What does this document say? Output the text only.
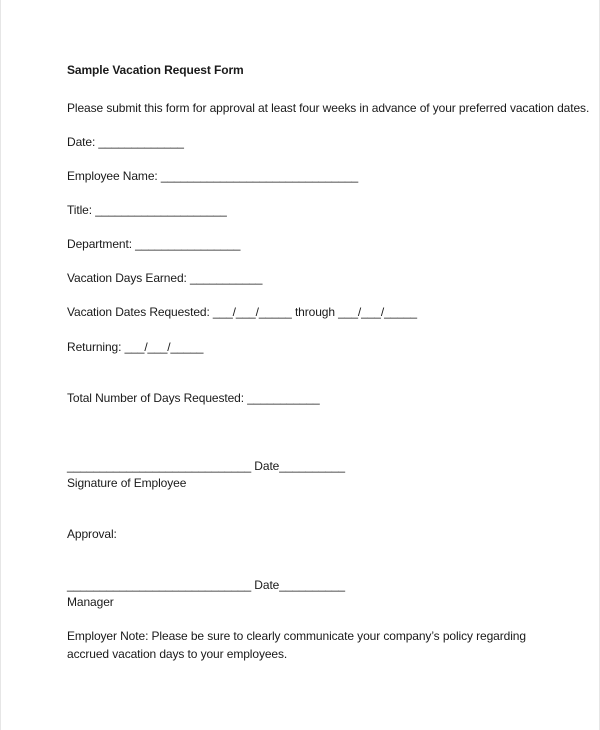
Sample Vacation Request Form
Please submit this form for approval at least four weeks in advance of your preferred vacation dates.
Date: _____________
Employee Name: ______________________________
Title: ____________________
Department: ________________
Vacation Days Earned: ___________
Vacation Dates Requested: ___/___/_____ through ___/___/_____
Returning: ___/___/_____
Total Number of Days Requested: ___________
____________________________ Date__________
Signature of Employee
Approval:
____________________________ Date__________
Manager
Employer Note: Please be sure to clearly communicate your company’s policy regarding accrued vacation days to your employees.
